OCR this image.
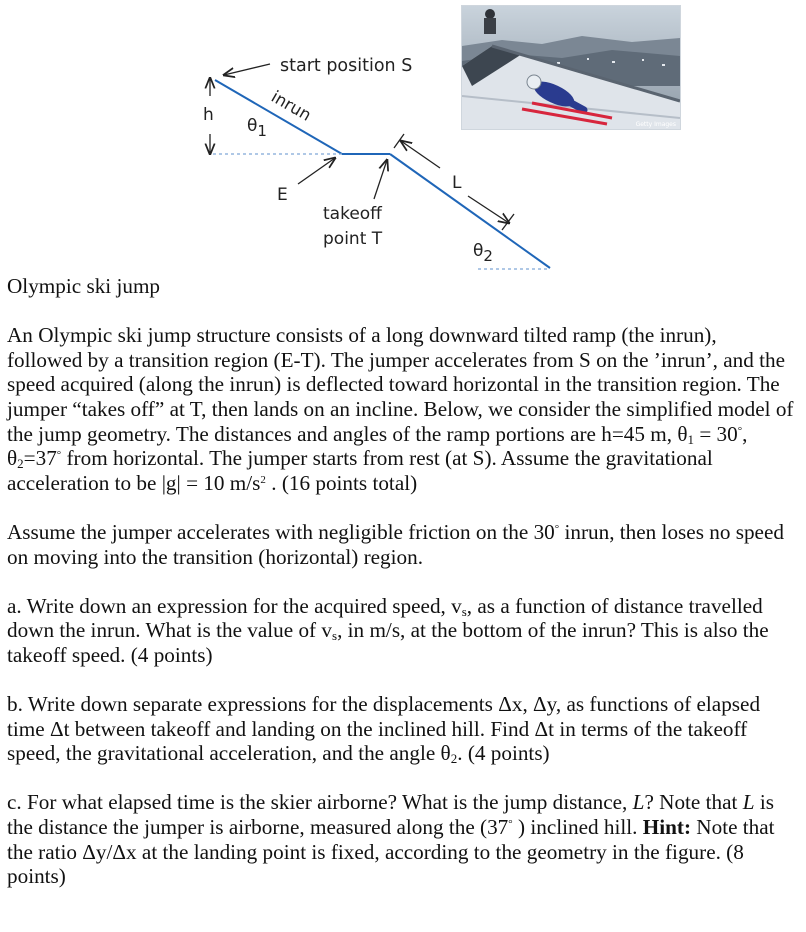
h
start position S
inrun
θ1
E
takeoff
point T
L
θ2
Getty Images

Olympic ski jump

An Olympic ski jump structure consists of a long downward tilted ramp (the inrun), followed by a transition region (E-T). The jumper accelerates from S on the ’inrun’, and the speed acquired (along the inrun) is deflected toward horizontal in the transition region. The jumper “takes off” at T, then lands on an incline. Below, we consider the simplified model of the jump geometry. The distances and angles of the ramp portions are h=45 m, $\theta_1 = 30^\circ$, $\theta_2=37^\circ$ from horizontal. The jumper starts from rest (at S). Assume the gravitational acceleration to be |g| = 10 $m/s^2$ . (16 points total)

Assume the jumper accelerates with negligible friction on the 30° inrun, then loses no speed on moving into the transition (horizontal) region.

a. Write down an expression for the acquired speed, $v_s$, as a function of distance travelled down the inrun. What is the value of $v_s$, in m/s, at the bottom of the inrun? This is also the takeoff speed. (4 points)

b. Write down separate expressions for the displacements Δx, Δy, as functions of elapsed time Δt between takeoff and landing on the inclined hill. Find Δt in terms of the takeoff speed, the gravitational acceleration, and the angle $\theta_2$. (4 points)

c. For what elapsed time is the skier airborne? What is the jump distance, L? Note that L is the distance the jumper is airborne, measured along the (37° ) inclined hill. Hint: Note that the ratio Δy/Δx at the landing point is fixed, according to the geometry in the figure. (8 points)
